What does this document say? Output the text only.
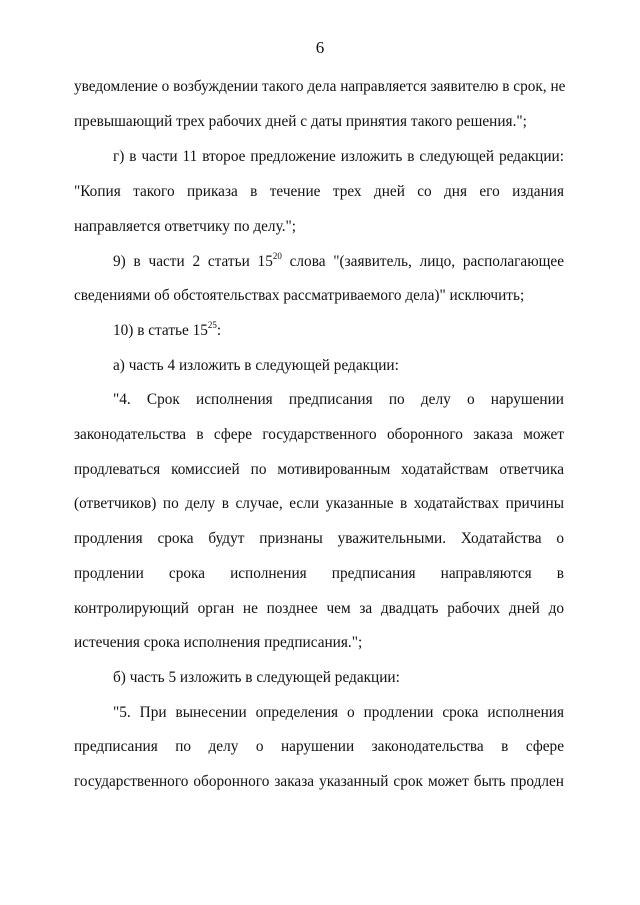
6
уведомление о возбуждении такого дела направляется заявителю в срок, не
превышающий трех рабочих дней с даты принятия такого решения.";
г) в части 11 второе предложение изложить в следующей редакции:
"Копия такого приказа в течение трех дней со дня его издания
направляется ответчику по делу.";
9) в части 2 статьи $15^{20}$ слова "(заявитель, лицо, располагающее
сведениями об обстоятельствах рассматриваемого дела)" исключить;
10) в статье $15^{25}$:
а) часть 4 изложить в следующей редакции:
"4. Срок исполнения предписания по делу о нарушении
законодательства в сфере государственного оборонного заказа может
продлеваться комиссией по мотивированным ходатайствам ответчика
(ответчиков) по делу в случае, если указанные в ходатайствах причины
продления срока будут признаны уважительными. Ходатайства о
продлении срока исполнения предписания направляются в
контролирующий орган не позднее чем за двадцать рабочих дней до
истечения срока исполнения предписания.";
б) часть 5 изложить в следующей редакции:
"5. При вынесении определения о продлении срока исполнения
предписания по делу о нарушении законодательства в сфере
государственного оборонного заказа указанный срок может быть продлен
